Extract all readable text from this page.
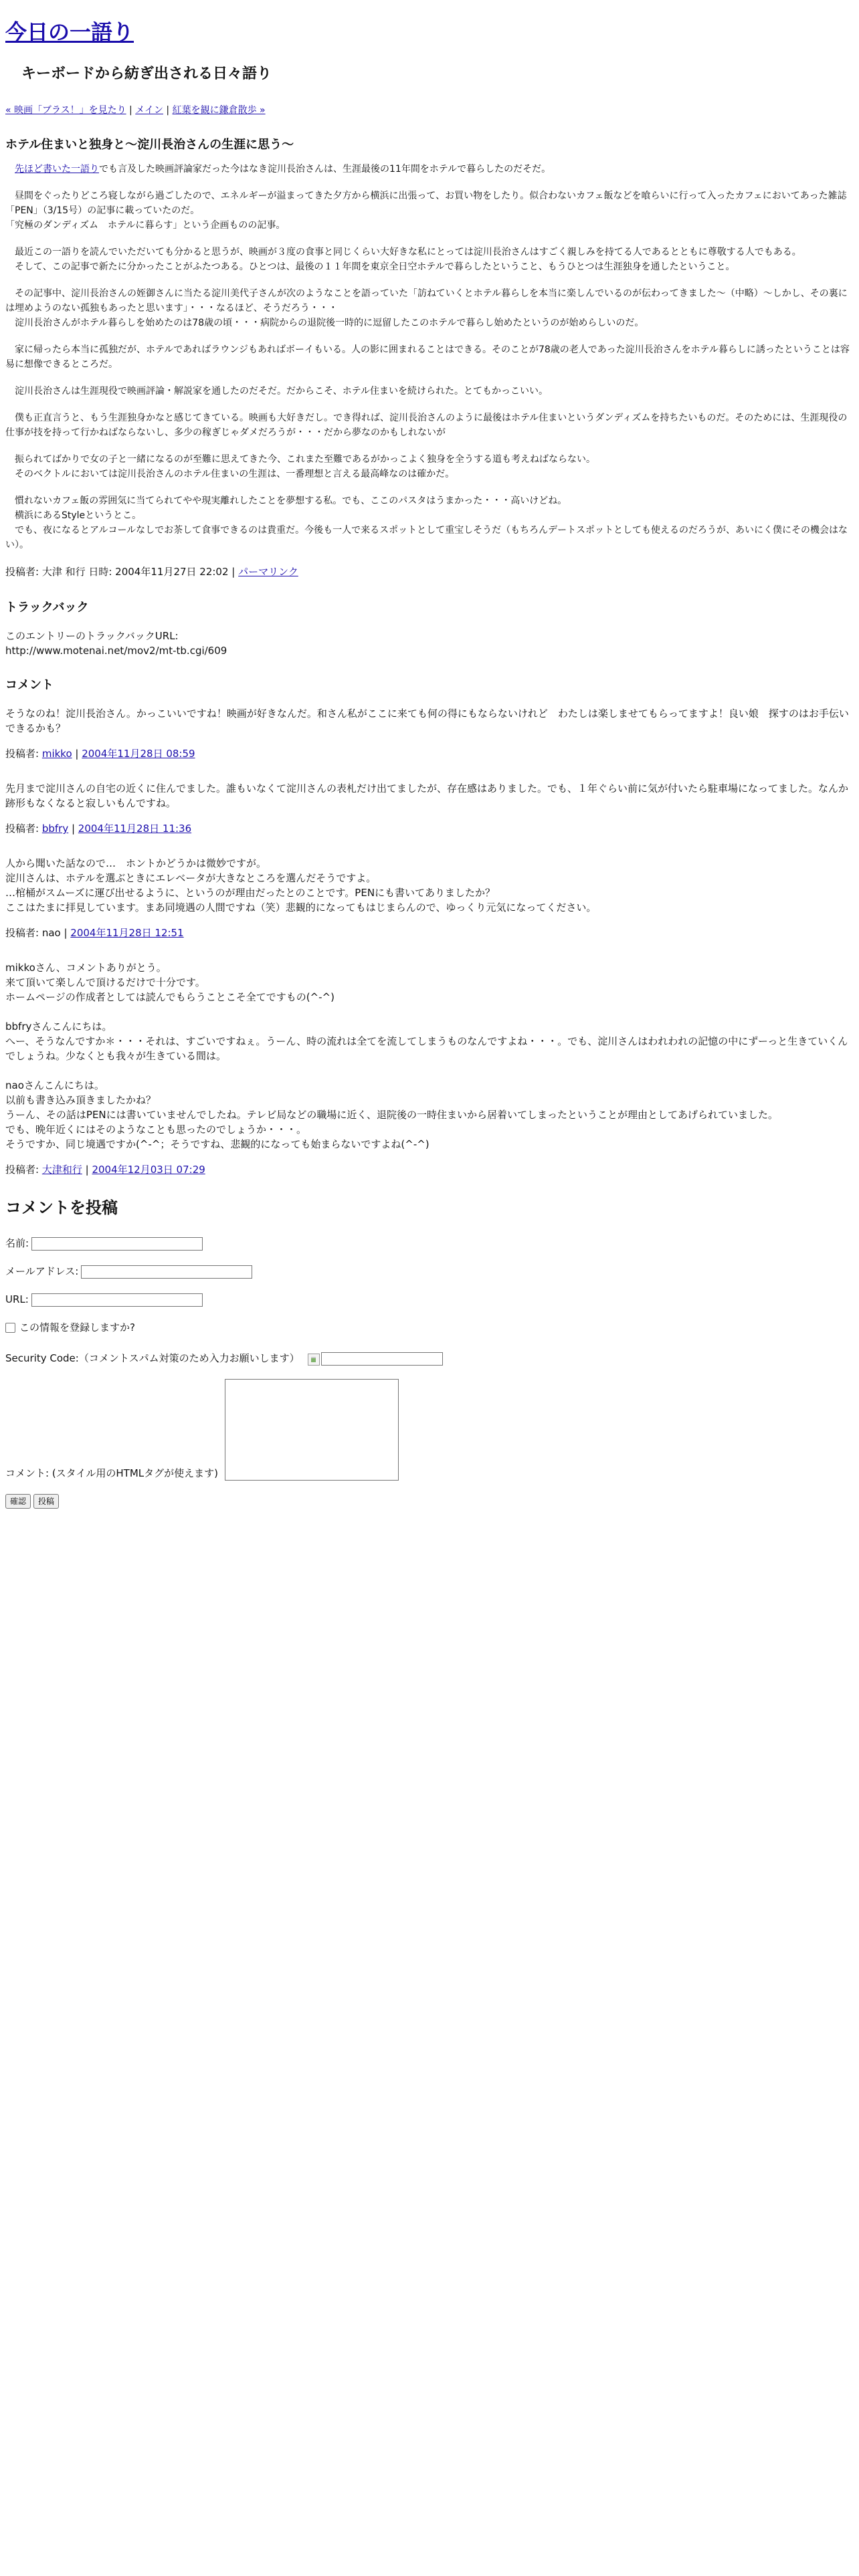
今日の一語り
キーボードから紡ぎ出される日々語り
« 映画「ブラス！」を見たり | メイン | 紅葉を観に鎌倉散歩 »
ホテル住まいと独身と〜淀川長治さんの生涯に思う〜
　先ほど書いた一語りでも言及した映画評論家だった今はなき淀川長治さんは、生涯最後の11年間をホテルで暮らしたのだそだ。
　昼間をぐったりどころ寝しながら過ごしたので、エネルギーが溢まってきた夕方から横浜に出張って、お買い物をしたり。似合わないカフェ飯などを喰らいに行って入ったカフェにおいてあった雑誌「PEN」（3/15号）の記事に載っていたのだ。
「究極のダンディズム　ホテルに暮らす」という企画ものの記事。
　最近この一語りを読んでいただいても分かると思うが、映画が３度の食事と同じくらい大好きな私にとっては淀川長治さんはすごく親しみを持てる人であるとともに尊敬する人でもある。
　そして、この記事で新たに分かったことがふたつある。ひとつは、最後の１１年間を東京全日空ホテルで暮らしたということ、もうひとつは生涯独身を通したということ。
　その記事中、淀川長治さんの姪御さんに当たる淀川美代子さんが次のようなことを語っていた「訪ねていくとホテル暮らしを本当に楽しんでいるのが伝わってきました〜（中略）〜しかし、その裏には埋めようのない孤独もあったと思います」・・・なるほど、そうだろう・・・
　淀川長治さんがホテル暮らしを始めたのは78歳の頃・・・病院からの退院後一時的に逗留したこのホテルで暮らし始めたというのが始めらしいのだ。
　家に帰ったら本当に孤独だが、ホテルであればラウンジもあればボーイもいる。人の影に囲まれることはできる。そのことが78歳の老人であった淀川長治さんをホテル暮らしに誘ったということは容易に想像できるところだ。
　淀川長治さんは生涯現役で映画評論・解説家を通したのだそだ。だからこそ、ホテル住まいを続けられた。とてもかっこいい。
　僕も正直言うと、もう生涯独身かなと感じてきている。映画も大好きだし。でき得れば、淀川長治さんのように最後はホテル住まいというダンディズムを持ちたいものだ。そのためには、生涯現役の仕事が技を持って行かねばならないし、多少の稼ぎじゃダメだろうが・・・だから夢なのかもしれないが
　振られてばかりで女の子と一緒になるのが至難に思えてきた今、これまた至難であるがかっこよく独身を全うする道も考えねばならない。
　そのベクトルにおいては淀川長治さんのホテル住まいの生涯は、一番理想と言える最高峰なのは確かだ。
　慣れないカフェ飯の雰囲気に当てられてやや現実離れしたことを夢想する私。でも、ここのパスタはうまかった・・・高いけどね。
　横浜にあるStyleというとこ。
　でも、夜になるとアルコールなしでお茶して食事できるのは貴重だ。今後も一人で来るスポットとして重宝しそうだ（もちろんデートスポットとしても使えるのだろうが、あいにく僕にその機会はない）。
投稿者: 大津 和行 日時: 2004年11月27日 22:02 | パーマリンク
トラックバック
このエントリーのトラックバックURL:
http://www.motenai.net/mov2/mt-tb.cgi/609
コメント
そうなのね！淀川長治さん。かっこいいですね！映画が好きなんだ。和さん私がここに来ても何の得にもならないけれど　わたしは楽しませてもらってますよ！良い娘　探すのはお手伝いできるかも？
投稿者: mikko | 2004年11月28日 08:59
先月まで淀川さんの自宅の近くに住んでました。誰もいなくて淀川さんの表札だけ出てましたが、存在感はありました。でも、１年ぐらい前に気が付いたら駐車場になってました。なんか跡形もなくなると寂しいもんですね。
投稿者: bbfry | 2004年11月28日 11:36
人から聞いた話なので…　ホントかどうかは微妙ですが。
淀川さんは、ホテルを選ぶときにエレベータが大きなところを選んだそうですよ。
…棺桶がスムーズに運び出せるように、というのが理由だったとのことです。PENにも書いてありましたか？
ここはたまに拝見しています。まあ同境遇の人間ですね（笑）悲観的になってもはじまらんので、ゆっくり元気になってください。
投稿者: nao | 2004年11月28日 12:51
mikkoさん、コメントありがとう。
来て頂いて楽しんで頂けるだけで十分です。
ホームページの作成者としては読んでもらうことこそ全てですもの(^-^)

bbfryさんこんにちは。
へー、そうなんですか＊・・・それは、すごいですねぇ。うーん、時の流れは全てを流してしまうものなんですよね・・・。でも、淀川さんはわれわれの記憶の中にずーっと生きていくんでしょうね。少なくとも我々が生きている間は。

naoさんこんにちは。
以前も書き込み頂きましたかね？
うーん、その話はPENには書いていませんでしたね。テレビ局などの職場に近く、退院後の一時住まいから居着いてしまったということが理由としてあげられていました。
でも、晩年近くにはそのようなことも思ったのでしょうか・・・。
そうですか、同じ境遇ですか(^-^；そうですね、悲観的になっても始まらないですよね(^-^)
投稿者: 大津和行 | 2004年12月03日 07:29
コメントを投稿
名前:
メールアドレス:
URL:
この情報を登録しますか?
Security Code:（コメントスパム対策のため入力お願いします）
コメント: (スタイル用のHTMLタグが使えます)
確認	投稿
